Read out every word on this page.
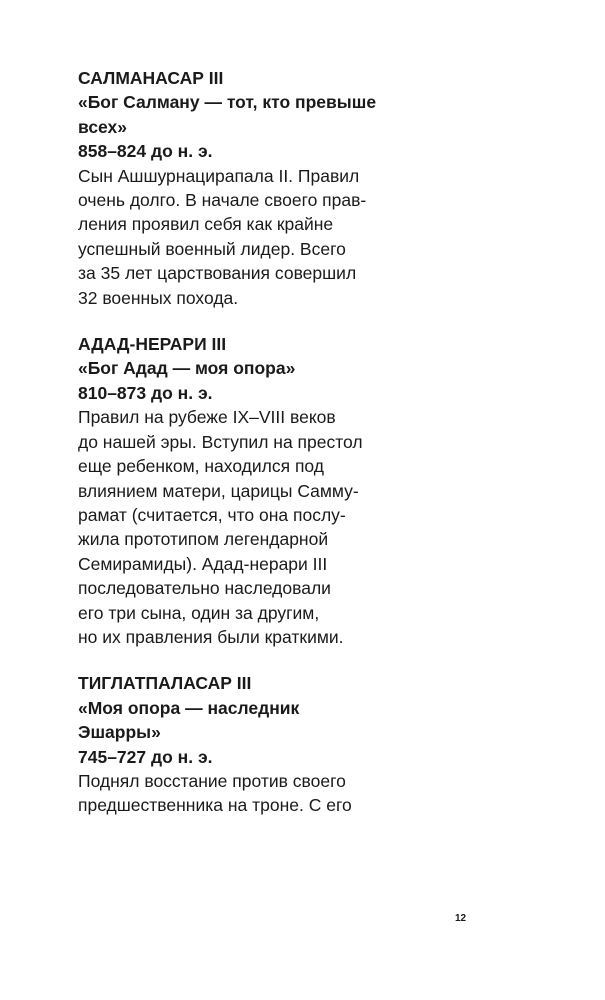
САЛМАНАСАР III
«Бог Салману — тот, кто превыше
всех»
858–824 до н. э.
Сын Ашшурнацирапала II. Правил
очень долго. В начале своего прав-
ления проявил себя как крайне
успешный военный лидер. Всего
за 35 лет царствования совершил
32 военных похода.
АДАД-НЕРАРИ III
«Бог Адад — моя опора»
810–873 до н. э.
Правил на рубеже IX–VIII веков
до нашей эры. Вступил на престол
еще ребенком, находился под
влиянием матери, царицы Самму-
рамат (считается, что она послу-
жила прототипом легендарной
Семирамиды). Адад-нерари III
последовательно наследовали
его три сына, один за другим,
но их правления были краткими.
ТИГЛАТПАЛАСАР III
«Моя опора — наследник
Эшарры»
745–727 до н. э.
Поднял восстание против своего
предшественника на троне. С его
12
